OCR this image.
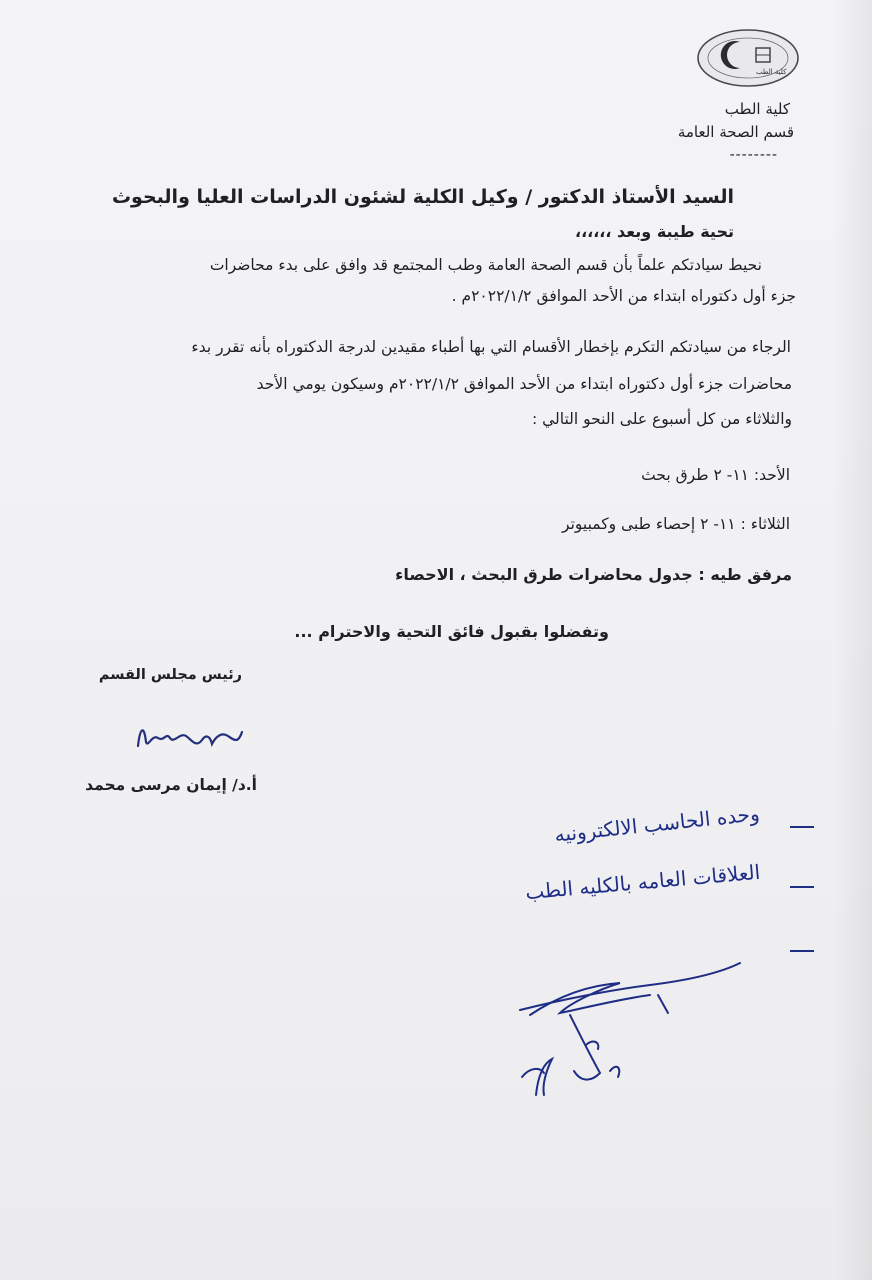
كلية الطب
كلية الطب
قسم الصحة العامة
--------
السيد الأستاذ الدكتور / وكيل الكلية لشئون الدراسات العليا والبحوث
تحية طيبة وبعد ،،،،،،
نحيط سيادتكم علماً بأن قسم الصحة العامة وطب المجتمع قد وافق على بدء محاضرات
جزء أول دكتوراه ابتداء من الأحد الموافق ٢٠٢٢/١/٢م .
الرجاء من سيادتكم التكرم بإخطار الأقسام التي بها أطباء مقيدين لدرجة الدكتوراه بأنه تقرر بدء
محاضرات جزء أول دكتوراه ابتداء من الأحد الموافق ٢٠٢٢/١/٢م وسيكون يومي الأحد
والثلاثاء من كل أسبوع على النحو التالي :
الأحد: ١١- ٢ طرق بحث
الثلاثاء : ١١- ٢ إحصاء طبى وكمبيوتر
مرفق طيه : جدول محاضرات طرق البحث ، الاحصاء
وتفضلوا بقبول فائق التحية والاحترام ...
رئيس مجلس القسم
أ.د/ إيمان مرسى محمد
وحده الحاسب الالكترونيه
العلاقات العامه بالكليه الطب
